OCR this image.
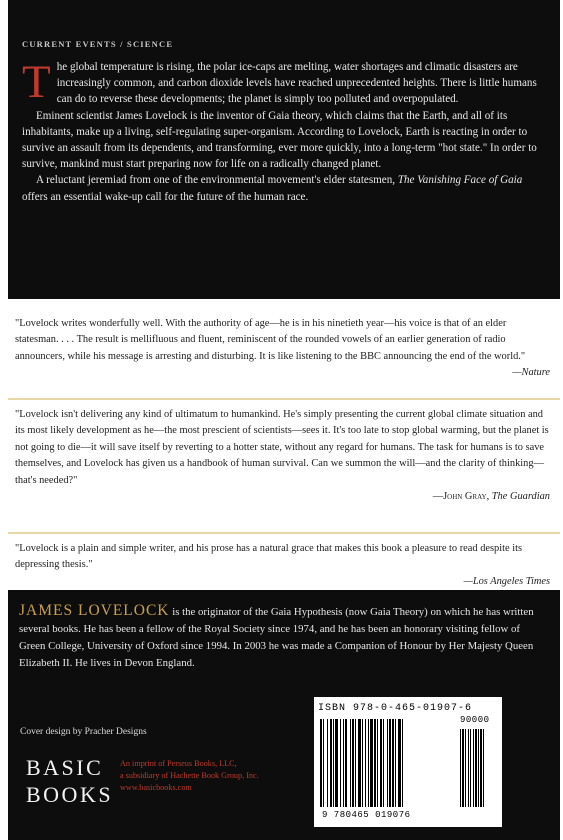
CURRENT EVENTS / SCIENCE

The global temperature is rising, the polar ice-caps are melting, water shortages and climatic disasters are increasingly common, and carbon dioxide levels have reached unprecedented heights. There is little humans can do to reverse these developments; the planet is simply too polluted and overpopulated.

Eminent scientist James Lovelock is the inventor of Gaia theory, which claims that the Earth, and all of its inhabitants, make up a living, self-regulating super-organism. According to Lovelock, Earth is reacting in order to survive an assault from its dependents, and transforming, ever more quickly, into a long-term "hot state." In order to survive, mankind must start preparing now for life on a radically changed planet.

A reluctant jeremiad from one of the environmental movement's elder statesmen, The Vanishing Face of Gaia offers an essential wake-up call for the future of the human race.

"Lovelock writes wonderfully well. With the authority of age—he is in his ninetieth year—his voice is that of an elder statesman. . . . The result is mellifluous and fluent, reminiscent of the rounded vowels of an earlier generation of radio announcers, while his message is arresting and disturbing. It is like listening to the BBC announcing the end of the world."
—Nature
"Lovelock isn't delivering any kind of ultimatum to humankind. He's simply presenting the current global climate situation and its most likely development as he—the most prescient of scientists—sees it. It's too late to stop global warming, but the planet is not going to die—it will save itself by reverting to a hotter state, without any regard for humans. The task for humans is to save themselves, and Lovelock has given us a handbook of human survival. Can we summon the will—and the clarity of thinking—that's needed?"
—John Gray, The Guardian
"Lovelock is a plain and simple writer, and his prose has a natural grace that makes this book a pleasure to read despite its depressing thesis."
—Los Angeles Times
JAMES LOVELOCK is the originator of the Gaia Hypothesis (now Gaia Theory) on which he has written several books. He has been a fellow of the Royal Society since 1974, and he has been an honorary visiting fellow of Green College, University of Oxford since 1994. In 2003 he was made a Companion of Honour by Her Majesty Queen Elizabeth II. He lives in Devon England.
Cover design by Pracher Designs
BASIC
BOOKS
An imprint of Perseus Books, LLC,
a subsidiary of Hachette Book Group, Inc.
www.basicbooks.com
ISBN 978-0-465-01907-6
90000
9 780465 019076
